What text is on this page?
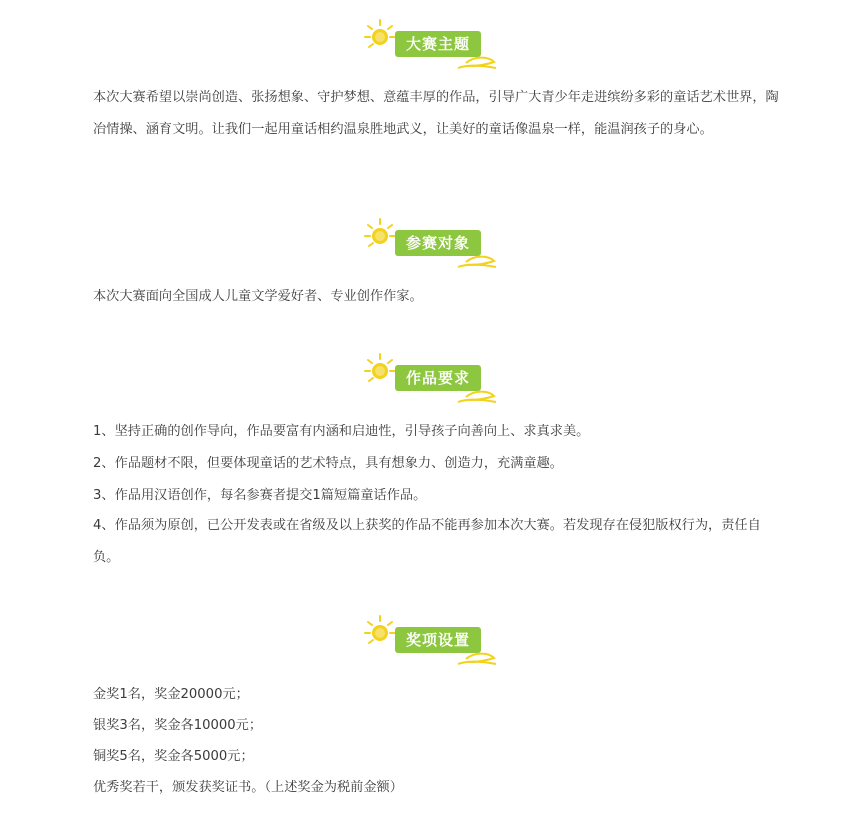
大赛主题

本次大赛希望以崇尚创造、张扬想象、守护梦想、意蕴丰厚的作品，引导广大青少年走进缤纷多彩的童话艺术世界，陶冶情操、涵育文明。让我们一起用童话相约温泉胜地武义，让美好的童话像温泉一样，能温润孩子的身心。

参赛对象

本次大赛面向全国成人儿童文学爱好者、专业创作作家。

作品要求

1、坚持正确的创作导向，作品要富有内涵和启迪性，引导孩子向善向上、求真求美。

2、作品题材不限，但要体现童话的艺术特点，具有想象力、创造力，充满童趣。

3、作品用汉语创作，每名参赛者提交1篇短篇童话作品。

4、作品须为原创，已公开发表或在省级及以上获奖的作品不能再参加本次大赛。若发现存在侵犯版权行为，责任自负。

奖项设置

金奖1名，奖金20000元；

银奖3名，奖金各10000元；

铜奖5名，奖金各5000元；

优秀奖若干，颁发获奖证书。（上述奖金为税前金额）
